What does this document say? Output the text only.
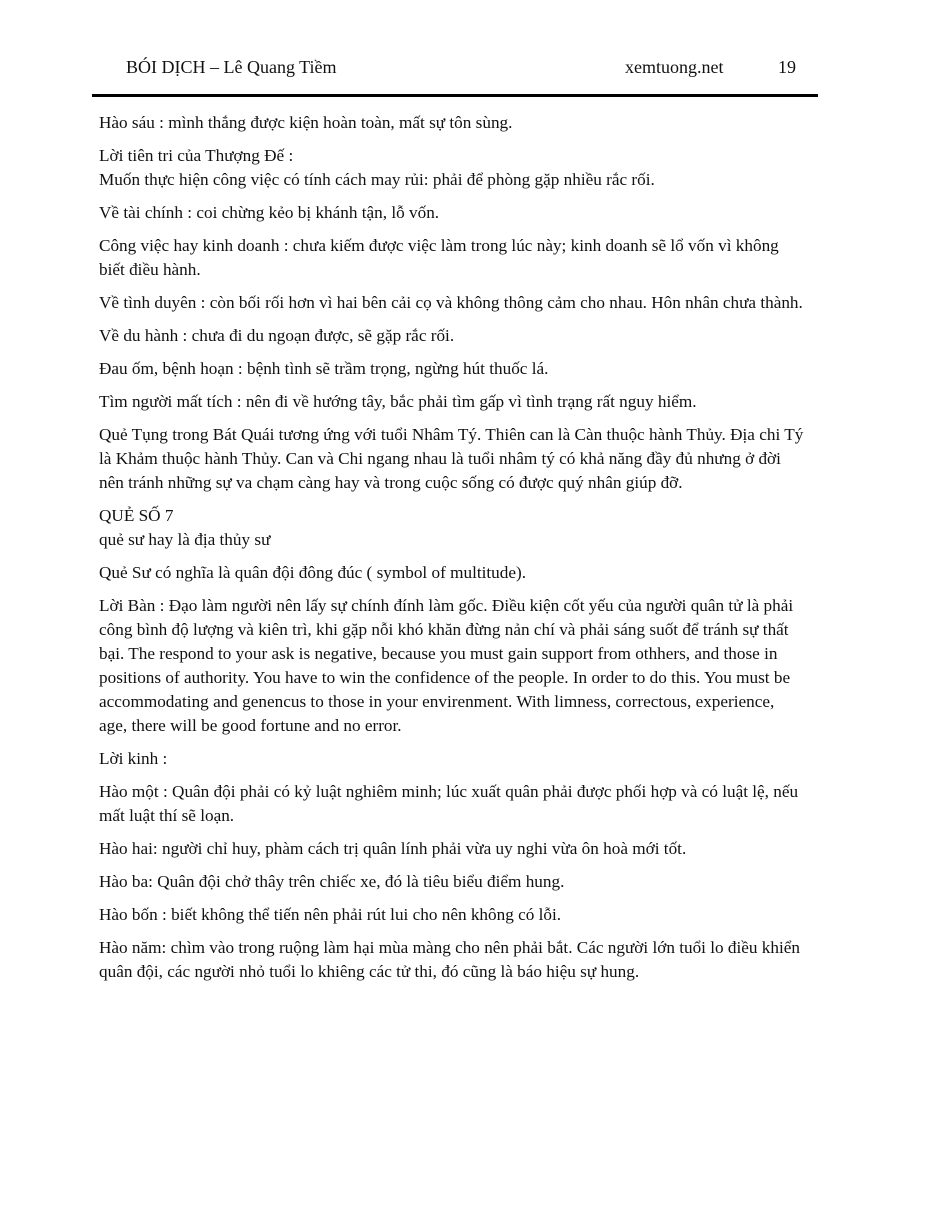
BÓI DỊCH – Lê Quang Tiềm	xemtuong.net	19

Hào sáu : mình thắng được kiện hoàn toàn, mất sự tôn sùng.

Lời tiên tri của Thượng Đế :

Muốn thực hiện công việc có tính cách may rủi: phải để phòng gặp nhiều rắc rối.

Về tài chính : coi chừng kẻo bị khánh tận, lỗ vốn.

Công việc hay kinh doanh : chưa kiếm được việc làm trong lúc này; kinh doanh sẽ lổ vốn vì không biết điều hành.

Về tình duyên : còn bối rối hơn vì hai bên cải cọ và không thông cảm cho nhau. Hôn nhân chưa thành.

Về du hành : chưa đi du ngoạn được, sẽ gặp rắc rối.

Đau ốm, bệnh hoạn : bệnh tình sẽ trầm trọng, ngừng hút thuốc lá.

Tìm người mất tích : nên đi về hướng tây, bắc phải tìm gấp vì tình trạng rất nguy hiểm.

Quẻ Tụng trong Bát Quái tương ứng với tuổi Nhâm Tý. Thiên can là Càn thuộc hành Thủy. Địa chi Tý là Khảm thuộc hành Thủy. Can và Chi ngang nhau là tuổi nhâm tý có khả năng đầy đủ nhưng ở đời nên tránh những sự va chạm càng hay và trong cuộc sống có được quý nhân giúp đỡ.

QUẺ SỐ 7

quẻ sư hay là địa thủy sư

Quẻ Sư có nghĩa là quân đội đông đúc ( symbol of multitude).

Lời Bàn : Đạo làm người nên lấy sự chính đính làm gốc. Điều kiện cốt yếu của người quân tử là phải công bình độ lượng và kiên trì, khi gặp nỗi khó khăn đừng nản chí và phải sáng suốt để tránh sự thất bại. The respond to your ask is negative, because you must gain support from othhers, and those in positions of authority. You have to win the confidence of the people. In order to do this. You must be accommodating and genencus to those in your envirenment. With limness, correctous, experience, age, there will be good fortune and no error.

Lời kinh :

Hào một : Quân đội phải có kỷ luật nghiêm minh; lúc xuất quân phải được phối hợp và có luật lệ, nếu mất luật thí sẽ loạn.

Hào hai: người chỉ huy, phàm cách trị quân lính phải vừa uy nghi vừa ôn hoà mới tốt.

Hào ba: Quân đội chở thây trên chiếc xe, đó là tiêu biểu điểm hung.

Hào bốn : biết không thể tiến nên phải rút lui cho nên không có lỗi.

Hào năm: chìm vào trong ruộng làm hại mùa màng cho nên phải bắt. Các người lớn tuổi lo điều khiển quân đội, các người nhỏ tuổi lo khiêng các tử thi, đó cũng là báo hiệu sự hung.
